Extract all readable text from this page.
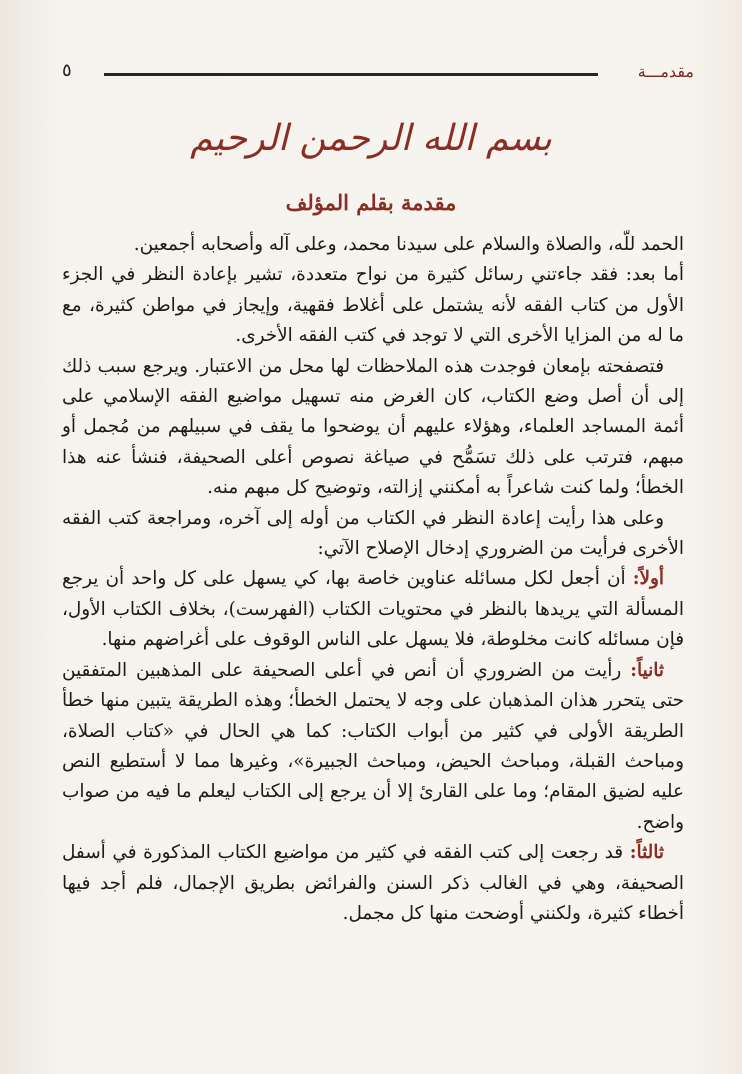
مقدمـــة
٥
بسم الله الرحمن الرحيم
مقدمة بقلم المؤلف

الحمد للّه، والصلاة والسلام على سيدنا محمد، وعلى آله وأصحابه أجمعين.

أما بعد: فقد جاءتني رسائل كثيرة من نواح متعددة، تشير بإعادة النظر في الجزء الأول من كتاب الفقه لأنه يشتمل على أغلاط فقهية، وإيجاز في مواطن كثيرة، مع ما له من المزايا الأخرى التي لا توجد في كتب الفقه الأخرى.

فتصفحته بإمعان فوجدت هذه الملاحظات لها محل من الاعتبار. ويرجع سبب ذلك إلى أن أصل وضع الكتاب، كان الغرض منه تسهيل مواضيع الفقه الإسلامي على أئمة المساجد العلماء، وهؤلاء عليهم أن يوضحوا ما يقف في سبيلهم من مُجمل أو مبهم، فترتب على ذلك تسَمُّح في صياغة نصوص أعلى الصحيفة، فنشأ عنه هذا الخطأ؛ ولما كنت شاعراً به أمكنني إزالته، وتوضيح كل مبهم منه.

وعلى هذا رأيت إعادة النظر في الكتاب من أوله إلى آخره، ومراجعة كتب الفقه الأخرى فرأيت من الضروري إدخال الإصلاح الآتي:

أولاً: أن أجعل لكل مسائله عناوين خاصة بها، كي يسهل على كل واحد أن يرجع المسألة التي يريدها بالنظر في محتويات الكتاب (الفهرست)، بخلاف الكتاب الأول، فإن مسائله كانت مخلوطة، فلا يسهل على الناس الوقوف على أغراضهم منها.

ثانياً: رأيت من الضروري أن أنص في أعلى الصحيفة على المذهبين المتفقين حتى يتحرر هذان المذهبان على وجه لا يحتمل الخطأ؛ وهذه الطريقة يتبين منها خطأ الطريقة الأولى في كثير من أبواب الكتاب: كما هي الحال في «كتاب الصلاة، ومباحث القبلة، ومباحث الحيض، ومباحث الجبيرة»، وغيرها مما لا أستطيع النص عليه لضيق المقام؛ وما على القارئ إلا أن يرجع إلى الكتاب ليعلم ما فيه من صواب واضح.

ثالثاً: قد رجعت إلى كتب الفقه في كثير من مواضيع الكتاب المذكورة في أسفل الصحيفة، وهي في الغالب ذكر السنن والفرائض بطريق الإجمال، فلم أجد فيها أخطاء كثيرة، ولكنني أوضحت منها كل مجمل.
